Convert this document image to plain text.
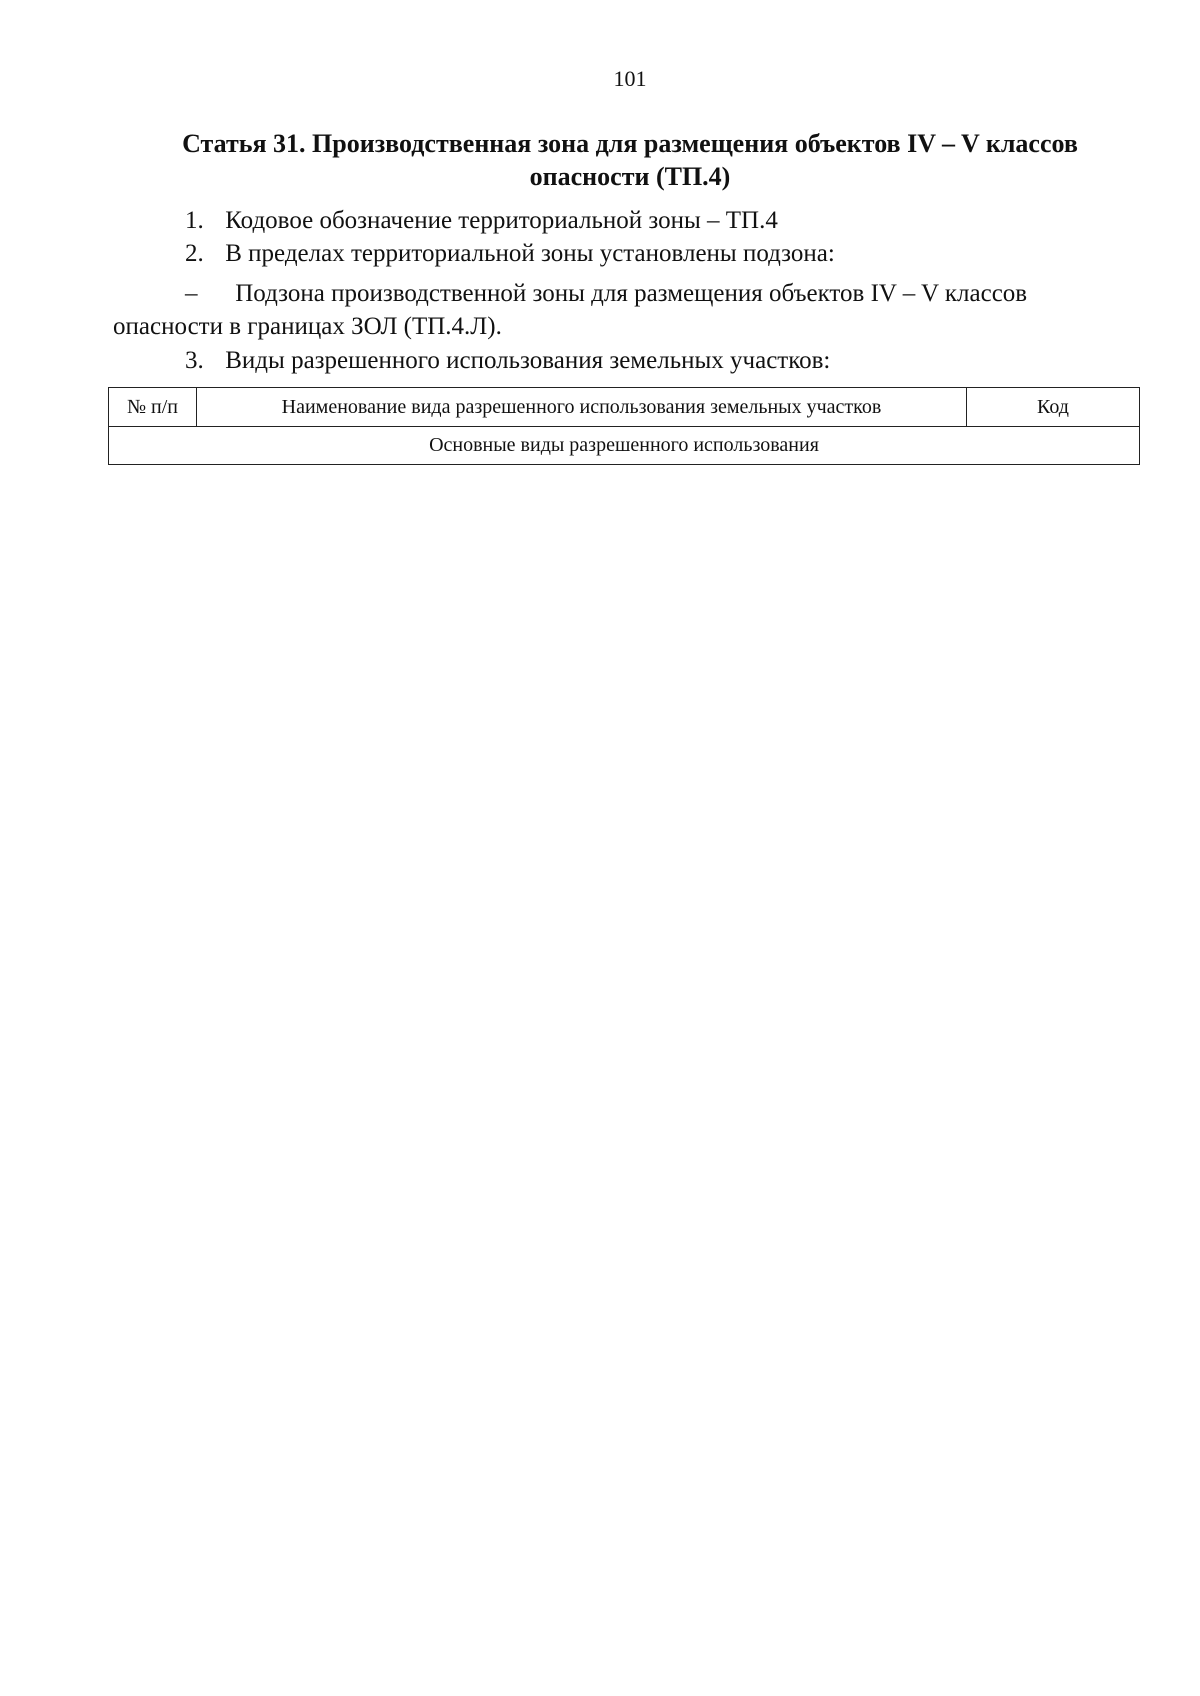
101
Статья 31. Производственная зона для размещения объектов IV – V классов
опасности (ТП.4)
1. Кодовое обозначение территориальной зоны – ТП.4
2. В пределах территориальной зоны установлены подзона:
– Подзона производственной зоны для размещения объектов IV – V классов
опасности в границах ЗОЛ (ТП.4.Л).
3. Виды разрешенного использования земельных участков:
№ п/п	Наименование вида разрешенного использования земельных участков	Код
Основные виды разрешенного использования
